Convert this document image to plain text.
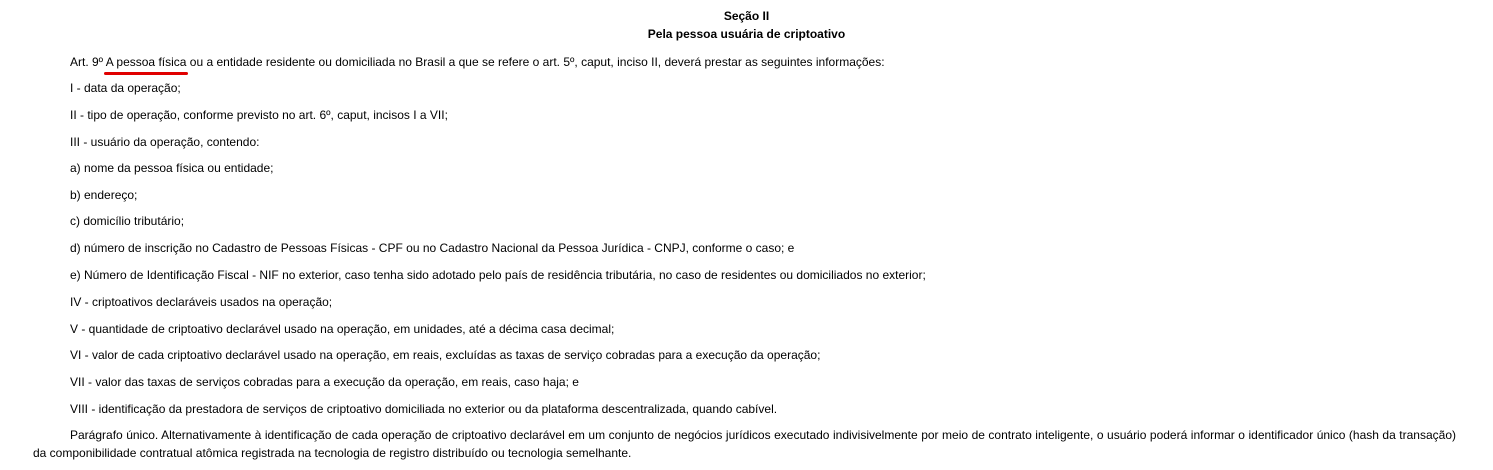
Seção II
Pela pessoa usuária de criptoativo
Art. 9º A pessoa física
ou a entidade residente ou domiciliada no Brasil a que se refere o art. 5º, caput, inciso II, deverá prestar as seguintes informações:
I - data da operação;
II - tipo de operação, conforme previsto no art. 6º, caput, incisos I a VII;
III - usuário da operação, contendo:
a) nome da pessoa física ou entidade;
b) endereço;
c) domicílio tributário;
d) número de inscrição no Cadastro de Pessoas Físicas - CPF ou no Cadastro Nacional da Pessoa Jurídica - CNPJ, conforme o caso; e
e) Número de Identificação Fiscal - NIF no exterior, caso tenha sido adotado pelo país de residência tributária, no caso de residentes ou domiciliados no exterior;
IV - criptoativos declaráveis usados na operação;
V - quantidade de criptoativo declarável usado na operação, em unidades, até a décima casa decimal;
VI - valor de cada criptoativo declarável usado na operação, em reais, excluídas as taxas de serviço cobradas para a execução da operação;
VII - valor das taxas de serviços cobradas para a execução da operação, em reais, caso haja; e
VIII - identificação da prestadora de serviços de criptoativo domiciliada no exterior ou da plataforma descentralizada, quando cabível.
Parágrafo único. Alternativamente à identificação de cada operação de criptoativo declarável em um conjunto de negócios jurídicos executado indivisivelmente por meio de contrato inteligente, o usuário poderá informar o identificador único (hash da transação) da componibilidade contratual atômica registrada na tecnologia de registro distribuído ou tecnologia semelhante.
